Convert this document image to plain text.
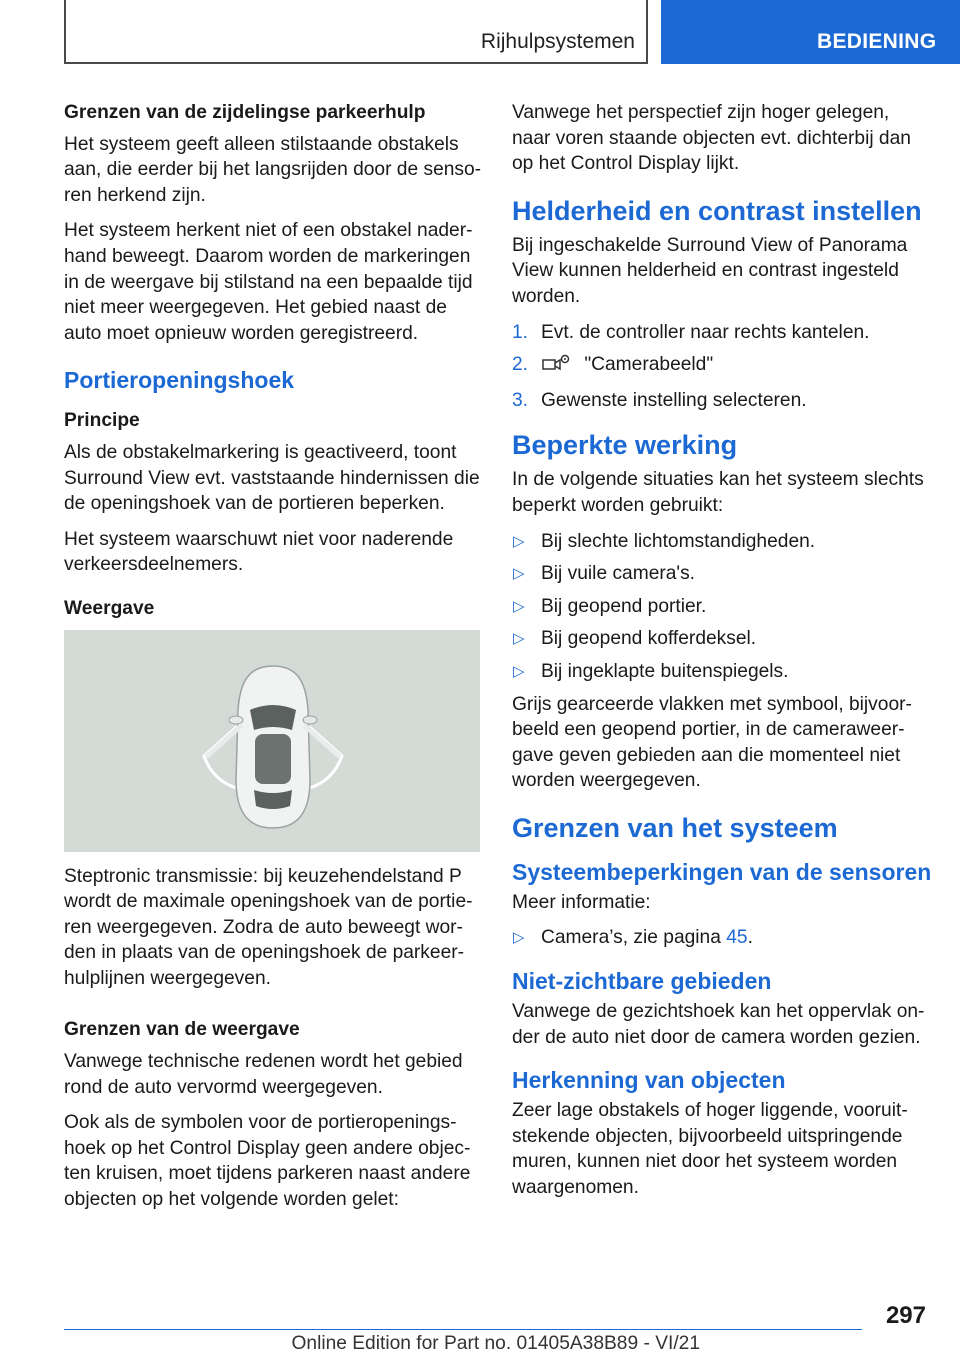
Rijhulpsystemen	BEDIENING
Grenzen van de zijdelingse parkeerhulp

Het systeem geeft alleen stilstaande obstakels aan, die eerder bij het langsrijden door de senso-ren herkend zijn.

Het systeem herkent niet of een obstakel nader-hand beweegt. Daarom worden de markeringen in de weergave bij stilstand na een bepaalde tijd niet meer weergegeven. Het gebied naast de auto moet opnieuw worden geregistreerd.

Portieropeningshoek
Principe

Als de obstakelmarkering is geactiveerd, toont Surround View evt. vaststaande hindernissen die de openingshoek van de portieren beperken.

Het systeem waarschuwt niet voor naderende verkeersdeelnemers.

Weergave

Steptronic transmissie: bij keuzehendelstand P wordt de maximale openingshoek van de portie-ren weergegeven. Zodra de auto beweegt wor-den in plaats van de openingshoek de parkeer-hulplijnen weergegeven.

Grenzen van de weergave

Vanwege technische redenen wordt het gebied rond de auto vervormd weergegeven.

Ook als de symbolen voor de portieropenings-hoek op het Control Display geen andere objec-ten kruisen, moet tijdens parkeren naast andere objecten op het volgende worden gelet:

Vanwege het perspectief zijn hoger gelegen, naar voren staande objecten evt. dichterbij dan op het Control Display lijkt.

Helderheid en contrast instellen

Bij ingeschakelde Surround View of Panorama View kunnen helderheid en contrast ingesteld worden.

1. Evt. de controller naar rechts kantelen.
2.	"Camerabeeld"
3. Gewenste instelling selecteren.
Beperkte werking

In de volgende situaties kan het systeem slechts beperkt worden gebruikt:

▷ Bij slechte lichtomstandigheden.
▷ Bij vuile camera's.
▷ Bij geopend portier.
▷ Bij geopend kofferdeksel.
▷ Bij ingeklapte buitenspiegels.

Grijs gearceerde vlakken met symbool, bijvoor-beeld een geopend portier, in de cameraweer-gave geven gebieden aan die momenteel niet worden weergegeven.

Grenzen van het systeem
Systeembeperkingen van de sensoren

Meer informatie:

▷ Camera’s, zie pagina 45.
Niet-zichtbare gebieden

Vanwege de gezichtshoek kan het oppervlak on-der de auto niet door de camera worden gezien.

Herkenning van objecten

Zeer lage obstakels of hoger liggende, vooruit-stekende objecten, bijvoorbeeld uitspringende muren, kunnen niet door het systeem worden waargenomen.

297
Online Edition for Part no. 01405A38B89 - VI/21
